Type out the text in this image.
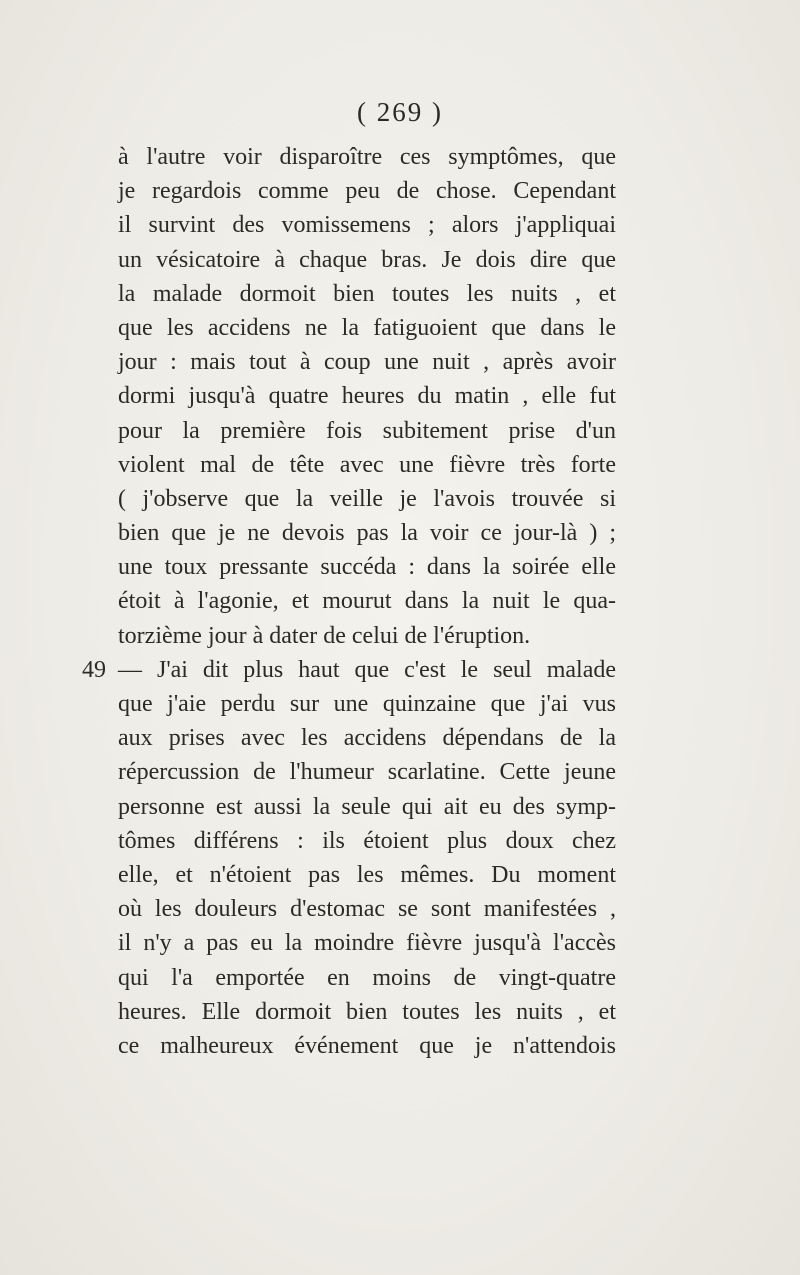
( 269 )
à l'autre voir disparoître ces symptômes, que
je regardois comme peu de chose. Cependant
il survint des vomissemens ; alors j'appliquai
un vésicatoire à chaque bras. Je dois dire que
la malade dormoit bien toutes les nuits , et
que les accidens ne la fatiguoient que dans le
jour : mais tout à coup une nuit , après avoir
dormi jusqu'à quatre heures du matin , elle fut
pour la première fois subitement prise d'un
violent mal de tête avec une fièvre très forte
( j'observe que la veille je l'avois trouvée si
bien que je ne devois pas la voir ce jour-là ) ;
une toux pressante succéda : dans la soirée elle
étoit à l'agonie, et mourut dans la nuit le qua-
torzième jour à dater de celui de l'éruption.
49 — J'ai dit plus haut que c'est le seul malade
que j'aie perdu sur une quinzaine que j'ai vus
aux prises avec les accidens dépendans de la
répercussion de l'humeur scarlatine. Cette jeune
personne est aussi la seule qui ait eu des symp-
tômes différens : ils étoient plus doux chez
elle, et n'étoient pas les mêmes. Du moment
où les douleurs d'estomac se sont manifestées ,
il n'y a pas eu la moindre fièvre jusqu'à l'accès
qui l'a emportée en moins de vingt-quatre
heures. Elle dormoit bien toutes les nuits , et
ce malheureux événement que je n'attendois
